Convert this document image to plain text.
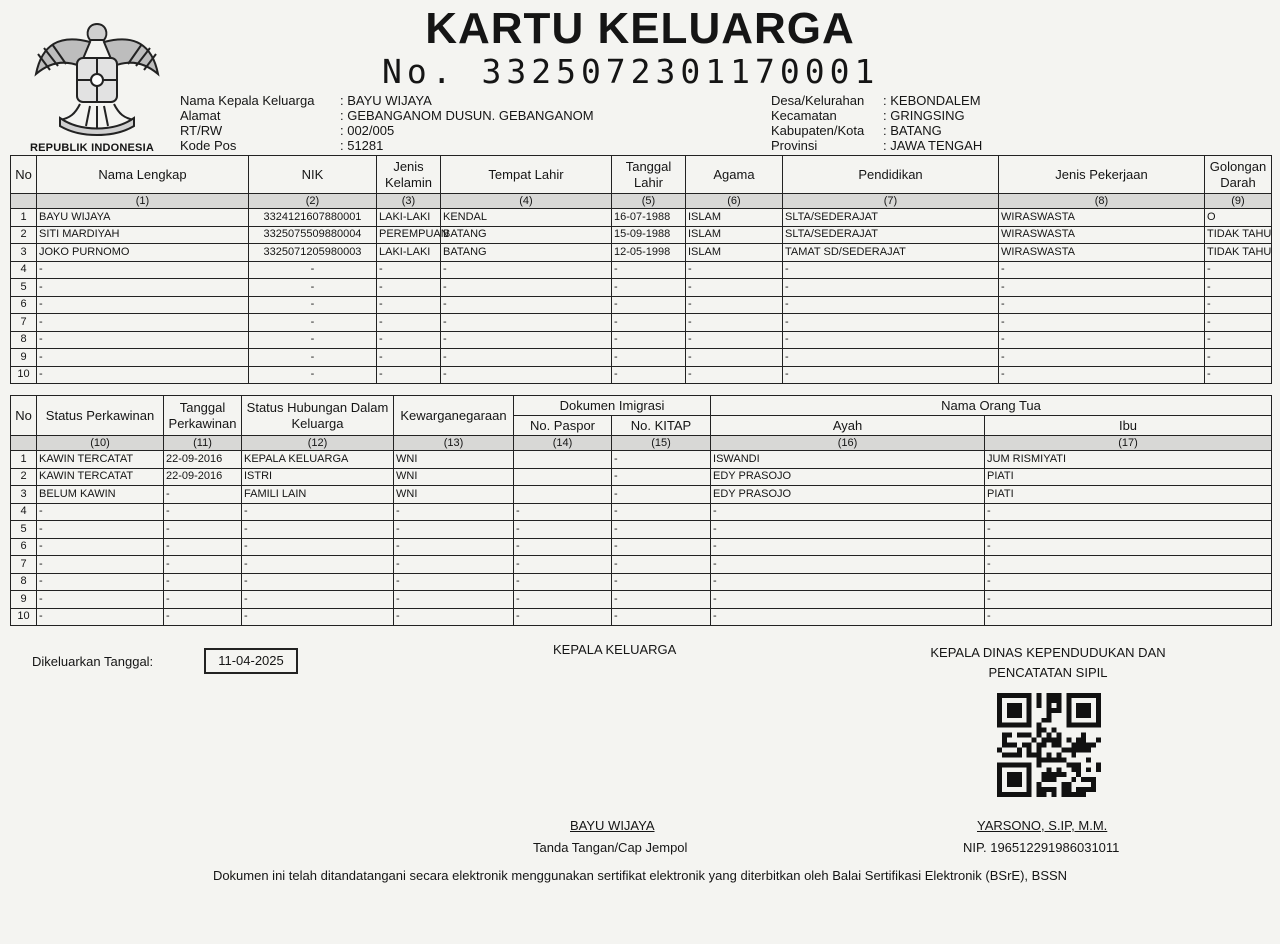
REPUBLIK INDONESIA
KARTU KELUARGA
No. 3325072301170001
Nama Kepala Keluarga	: BAYU WIJAYA
Alamat	: GEBANGANOM DUSUN. GEBANGANOM
RT/RW	: 002/005
Kode Pos	: 51281
Desa/Kelurahan	: KEBONDALEM
Kecamatan	: GRINGSING
Kabupaten/Kota	: BATANG
Provinsi	: JAWA TENGAH
No	Nama Lengkap	NIK	Jenis Kelamin	Tempat Lahir	Tanggal Lahir	Agama	Pendidikan	Jenis Pekerjaan	Golongan Darah
	(1)	(2)	(3)	(4)	(5)	(6)	(7)	(8)	(9)
1	BAYU WIJAYA	3324121607880001	LAKI-LAKI	KENDAL	16-07-1988	ISLAM	SLTA/SEDERAJAT	WIRASWASTA	O
2	SITI MARDIYAH	3325075509880004	PEREMPUAN	BATANG	15-09-1988	ISLAM	SLTA/SEDERAJAT	WIRASWASTA	TIDAK TAHU
3	JOKO PURNOMO	3325071205980003	LAKI-LAKI	BATANG	12-05-1998	ISLAM	TAMAT SD/SEDERAJAT	WIRASWASTA	TIDAK TAHU
4	-	-	-	-	-	-	-	-	-
5	-	-	-	-	-	-	-	-	-
6	-	-	-	-	-	-	-	-	-
7	-	-	-	-	-	-	-	-	-
8	-	-	-	-	-	-	-	-	-
9	-	-	-	-	-	-	-	-	-
10	-	-	-	-	-	-	-	-	-
No	Status Perkawinan	Tanggal Perkawinan	Status Hubungan Dalam Keluarga	Kewarganegaraan	Dokumen Imigrasi		Nama Orang Tua	
					No. Paspor	No. KITAP	Ayah	Ibu
	(10)	(11)	(12)	(13)	(14)	(15)	(16)	(17)
1	KAWIN TERCATAT	22-09-2016	KEPALA KELUARGA	WNI		-	ISWANDI	JUM RISMIYATI
2	KAWIN TERCATAT	22-09-2016	ISTRI	WNI		-	EDY PRASOJO	PIATI
3	BELUM KAWIN	-	FAMILI LAIN	WNI		-	EDY PRASOJO	PIATI
4	-	-	-	-	-	-	-	-
5	-	-	-	-	-	-	-	-
6	-	-	-	-	-	-	-	-
7	-	-	-	-	-	-	-	-
8	-	-	-	-	-	-	-	-
9	-	-	-	-	-	-	-	-
10	-	-	-	-	-	-	-	-
Dikeluarkan Tanggal:	11-04-2025
KEPALA KELUARGA	KEPALA DINAS KEPENDUDUKAN DAN
PENCATATAN SIPIL
BAYU WIJAYA
Tanda Tangan/Cap Jempol
YARSONO, S.IP, M.M.
NIP. 196512291986031011
Dokumen ini telah ditandatangani secara elektronik menggunakan sertifikat elektronik yang diterbitkan oleh Balai Sertifikasi Elektronik (BSrE), BSSN
